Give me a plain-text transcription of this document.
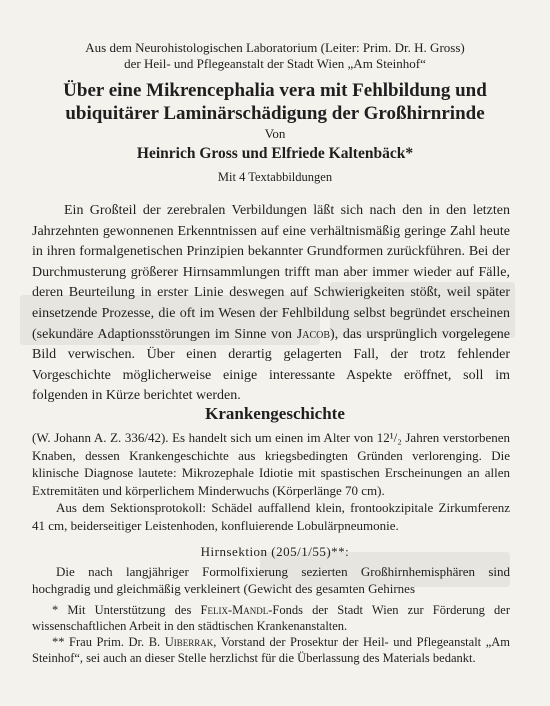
Aus dem Neurohistologischen Laboratorium (Leiter: Prim. Dr. H. Gross)
der Heil- und Pflegeanstalt der Stadt Wien „Am Steinhof“
Über eine Mikrencephalia vera mit Fehlbildung und ubiquitärer Laminärschädigung der Großhirnrinde
Von
Heinrich Gross und Elfriede Kaltenbäck*
Mit 4 Textabbildungen

Ein Großteil der zerebralen Verbildungen läßt sich nach den in den letzten Jahrzehnten gewonnenen Erkenntnissen auf eine verhältnismäßig geringe Zahl heute in ihren formalgenetischen Prinzipien bekannter Grundformen zurückführen. Bei der Durchmusterung größerer Hirnsammlungen trifft man aber immer wieder auf Fälle, deren Beurteilung in erster Linie deswegen auf Schwierigkeiten stößt, weil später einsetzende Prozesse, die oft im Wesen der Fehlbildung selbst begründet erscheinen (sekundäre Adaptionsstörungen im Sinne von Jacob), das ursprünglich vorgelegene Bild verwischen. Über einen derartig gelagerten Fall, der trotz fehlender Vorgeschichte möglicherweise einige interessante Aspekte eröffnet, soll im folgenden in Kürze berichtet werden.

Krankengeschichte

(W. Johann A. Z. 336/42). Es handelt sich um einen im Alter von 12¹/₂ Jahren verstorbenen Knaben, dessen Krankengeschichte aus kriegsbedingten Gründen verlorenging. Die klinische Diagnose lautete: Mikrozephale Idiotie mit spastischen Erscheinungen an allen Extremitäten und körperlichem Minderwuchs (Körperlänge 70 cm).

Aus dem Sektionsprotokoll: Schädel auffallend klein, frontookzipitale Zirkumferenz 41 cm, beiderseitiger Leistenhoden, konfluierende Lobulärpneumonie.

Hirnsektion (205/1/55)**:

Die nach langjähriger Formolfixierung sezierten Großhirnhemisphären sind hochgradig und gleichmäßig verkleinert (Gewicht des gesamten Gehirnes

* Mit Unterstützung des Felix-Mandl-Fonds der Stadt Wien zur Förderung der wissenschaftlichen Arbeit in den städtischen Krankenanstalten.

** Frau Prim. Dr. B. Uiberrak, Vorstand der Prosektur der Heil- und Pflegeanstalt „Am Steinhof“, sei auch an dieser Stelle herzlichst für die Überlassung des Materials bedankt.
